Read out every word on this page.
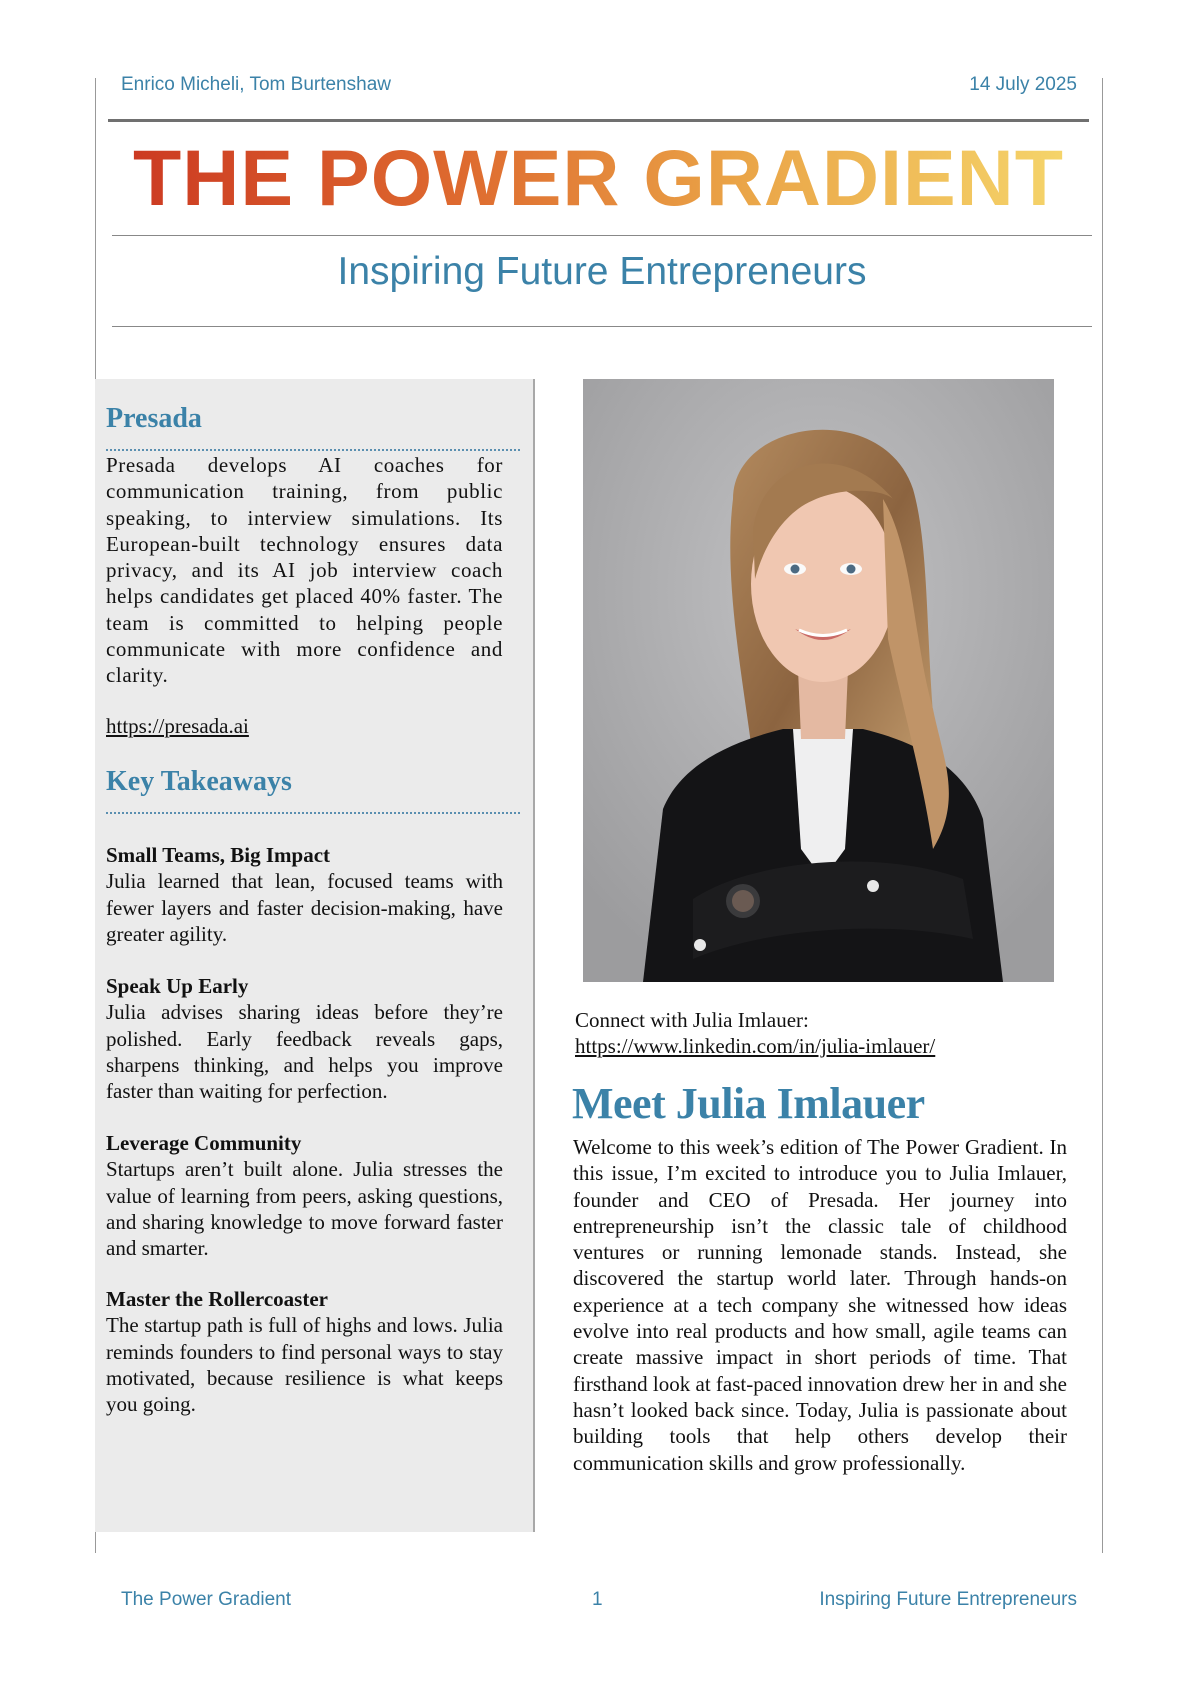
Enrico Micheli, Tom Burtenshaw	14 July 2025
THE POWER GRADIENT
Inspiring Future Entrepreneurs
Presada
Presada develops AI coaches for communication training, from public speaking, to interview simulations. Its European-built technology ensures data privacy, and its AI job interview coach helps candidates get placed 40% faster. The team is committed to helping people communicate with more confidence and clarity.
https://presada.ai
Key Takeaways
Small Teams, Big Impact
Julia learned that lean, focused teams with fewer layers and faster decision-making, have greater agility.
Speak Up Early
Julia advises sharing ideas before they’re polished. Early feedback reveals gaps, sharpens thinking, and helps you improve faster than waiting for perfection.
Leverage Community
Startups aren’t built alone. Julia stresses the value of learning from peers, asking questions, and sharing knowledge to move forward faster and smarter.
Master the Rollercoaster
The startup path is full of highs and lows. Julia reminds founders to find personal ways to stay motivated, because resilience is what keeps you going.
Connect with Julia Imlauer:
https://www.linkedin.com/in/julia-imlauer/
Meet Julia Imlauer
Welcome to this week’s edition of The Power Gradient. In this issue, I’m excited to introduce you to Julia Imlauer, founder and CEO of Presada. Her journey into entrepreneurship isn’t the classic tale of childhood ventures or running lemonade stands. Instead, she discovered the startup world later. Through hands-on experience at a tech company she witnessed how ideas evolve into real products and how small, agile teams can create massive impact in short periods of time. That firsthand look at fast-paced innovation drew her in and she hasn’t looked back since. Today, Julia is passionate about building tools that help others develop their communication skills and grow professionally.
The Power Gradient	1	Inspiring Future Entrepreneurs
